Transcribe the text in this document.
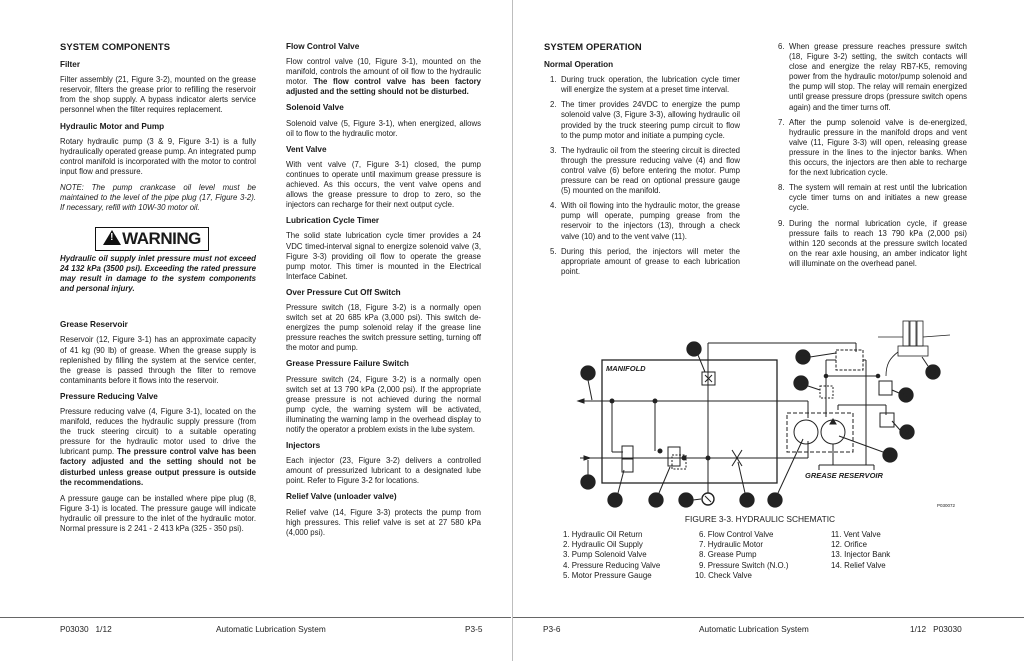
SYSTEM COMPONENTS
Filter

Filter assembly (21, Figure 3-2), mounted on the grease reservoir, filters the grease prior to refilling the reservoir from the shop supply. A bypass indicator alerts service personnel when the filter requires replacement.

Hydraulic Motor and Pump

Rotary hydraulic pump (3 & 9, Figure 3-1) is a fully hydraulically operated grease pump. An integrated pump control manifold is incorporated with the motor to control input flow and pressure.

NOTE: The pump crankcase oil level must be maintained to the level of the pipe plug (17, Figure 3-2). If necessary, refill with 10W-30 motor oil.

!WARNING

Hydraulic oil supply inlet pressure must not exceed 24 132 kPa (3500 psi). Exceeding the rated pressure may result in damage to the system components and personal injury.

Grease Reservoir

Reservoir (12, Figure 3-1) has an approximate capacity of 41 kg (90 lb) of grease. When the grease supply is replenished by filling the system at the service center, the grease is passed through the filter to remove contaminants before it flows into the reservoir.

Pressure Reducing Valve

Pressure reducing valve (4, Figure 3-1), located on the manifold, reduces the hydraulic supply pressure (from the truck steering circuit) to a suitable operating pressure for the hydraulic motor used to drive the lubricant pump. The pressure control valve has been factory adjusted and the setting should not be disturbed unless grease output pressure is outside the recommendations.

A pressure gauge can be installed where pipe plug (8, Figure 3-1) is located. The pressure gauge will indicate hydraulic oil pressure to the inlet of the hydraulic motor. Normal pressure is 2 241 - 2 413 kPa (325 - 350 psi).

Flow Control Valve

Flow control valve (10, Figure 3-1), mounted on the manifold, controls the amount of oil flow to the hydraulic motor. The flow control valve has been factory adjusted and the setting should not be disturbed.

Solenoid Valve

Solenoid valve (5, Figure 3-1), when energized, allows oil to flow to the hydraulic motor.

Vent Valve

With vent valve (7, Figure 3-1) closed, the pump continues to operate until maximum grease pressure is achieved. As this occurs, the vent valve opens and allows the grease pressure to drop to zero, so the injectors can recharge for their next output cycle.

Lubrication Cycle Timer

The solid state lubrication cycle timer provides a 24 VDC timed-interval signal to energize solenoid valve (3, Figure 3-3) providing oil flow to operate the grease pump motor. This timer is mounted in the Electrical Interface Cabinet.

Over Pressure Cut Off Switch

Pressure switch (18, Figure 3-2) is a normally open switch set at 20 685 kPa (3,000 psi). This switch de-energizes the pump solenoid relay if the grease line pressure reaches the switch pressure setting, turning off the motor and pump.

Grease Pressure Failure Switch

Pressure switch (24, Figure 3-2) is a normally open switch set at 13 790 kPa (2,000 psi). If the appropriate grease pressure is not achieved during the normal pump cycle, the warning system will be activated, illuminating the warning lamp in the overhead display to notify the operator a problem exists in the lube system.

Injectors

Each injector (23, Figure 3-2) delivers a controlled amount of pressurized lubricant to a designated lube point. Refer to Figure 3-2 for locations.

Relief Valve (unloader valve)

Relief valve (14, Figure 3-3) protects the pump from high pressures. This relief valve is set at 27 580 kPa (4,000 psi).

SYSTEM OPERATION
Normal Operation
1. During truck operation, the lubrication cycle timer will energize the system at a preset time interval.
2. The timer provides 24VDC to energize the pump solenoid valve (3, Figure 3-3), allowing hydraulic oil provided by the truck steering pump circuit to flow to the pump motor and initiate a pumping cycle.
3. The hydraulic oil from the steering circuit is directed through the pressure reducing valve (4) and flow control valve (6) before entering the motor. Pump pressure can be read on optional pressure gauge (5) mounted on the manifold.
4. With oil flowing into the hydraulic motor, the grease pump will operate, pumping grease from the reservoir to the injectors (13), through a check valve (10) and to the vent valve (11).
5. During this period, the injectors will meter the appropriate amount of grease to each lubrication point.
6. When grease pressure reaches pressure switch (18, Figure 3-2) setting, the switch contacts will close and energize the relay RB7-K5, removing power from the hydraulic motor/pump solenoid and the pump will stop. The relay will remain energized until grease pressure drops (pressure switch opens again) and the timer turns off.
7. After the pump solenoid valve is de-energized, hydraulic pressure in the manifold drops and vent valve (11, Figure 3-3) will open, releasing grease pressure in the lines to the injector banks. When this occurs, the injectors are then able to recharge for the next lubrication cycle.
8. The system will remain at rest until the lubrication cycle timer turns on and initiates a new grease cycle.
9. During the normal lubrication cycle, if grease pressure fails to reach 13 790 kPa (2,000 psi) within 120 seconds at the pressure switch located on the rear axle housing, an amber indicator light will illuminate on the overhead panel.
MANIFOLD
GREASE RESERVOIR
1
2
3	4	5	6	7
8
9
10
11
12
13
14
P030072
FIGURE 3-3. HYDRAULIC SCHEMATIC
1. Hydraulic Oil Return
2. Hydraulic Oil Supply
3. Pump Solenoid Valve
4. Pressure Reducing Valve
5. Motor Pressure Gauge
6. Flow Control Valve
7. Hydraulic Motor
8. Grease Pump
9. Pressure Switch (N.O.)
10. Check Valve
11. Vent Valve
12. Orifice
13. Injector Bank
14. Relief Valve
P03030 1/12	Automatic Lubrication System	P3-5	P3-6	Automatic Lubrication System	1/12 P03030
